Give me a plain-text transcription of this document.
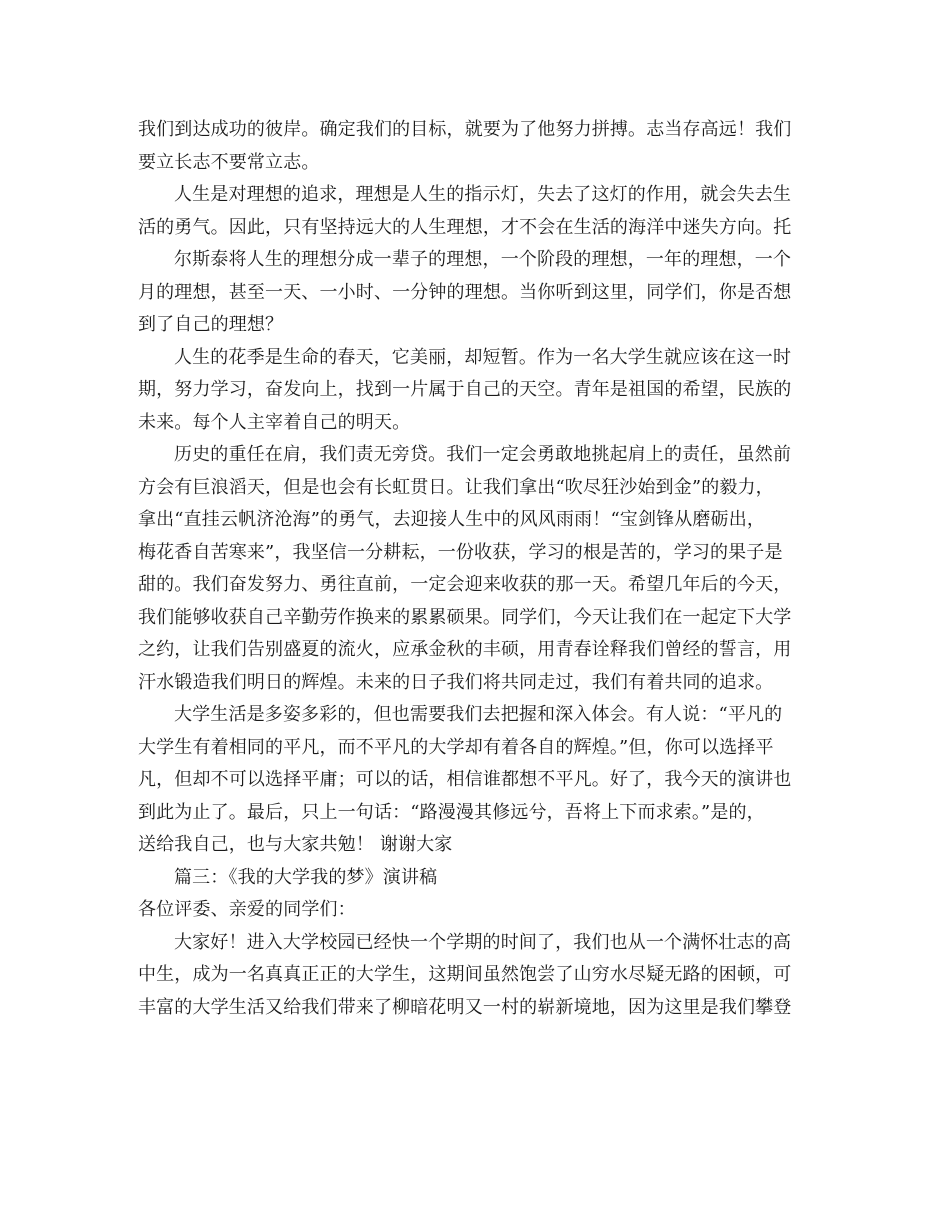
我们到达成功的彼岸。确定我们的目标，就要为了他努力拼搏。志当存高远！我们
要立长志不要常立志。
人生是对理想的追求，理想是人生的指示灯，失去了这灯的作用，就会失去生
活的勇气。因此，只有坚持远大的人生理想，才不会在生活的海洋中迷失方向。托
尔斯泰将人生的理想分成一辈子的理想，一个阶段的理想，一年的理想，一个
月的理想，甚至一天、一小时、一分钟的理想。当你听到这里，同学们，你是否想
到了自己的理想？
人生的花季是生命的春天，它美丽，却短暂。作为一名大学生就应该在这一时
期，努力学习，奋发向上，找到一片属于自己的天空。青年是祖国的希望，民族的
未来。每个人主宰着自己的明天。
历史的重任在肩，我们责无旁贷。我们一定会勇敢地挑起肩上的责任，虽然前
方会有巨浪滔天，但是也会有长虹贯日。让我们拿出“吹尽狂沙始到金”的毅力，
拿出“直挂云帆济沧海”的勇气，去迎接人生中的风风雨雨！“宝剑锋从磨砺出，
梅花香自苦寒来”，我坚信一分耕耘，一份收获，学习的根是苦的，学习的果子是
甜的。我们奋发努力、勇往直前，一定会迎来收获的那一天。希望几年后的今天，
我们能够收获自己辛勤劳作换来的累累硕果。同学们，今天让我们在一起定下大学
之约，让我们告别盛夏的流火，应承金秋的丰硕，用青春诠释我们曾经的誓言，用
汗水锻造我们明日的辉煌。未来的日子我们将共同走过，我们有着共同的追求。
大学生活是多姿多彩的，但也需要我们去把握和深入体会。有人说：“平凡的
大学生有着相同的平凡，而不平凡的大学却有着各自的辉煌。”但，你可以选择平
凡，但却不可以选择平庸；可以的话，相信谁都想不平凡。好了，我今天的演讲也
到此为止了。最后，只上一句话：“路漫漫其修远兮，吾将上下而求索。”是的，
送给我自己，也与大家共勉！ 谢谢大家
篇三：《我的大学我的梦》演讲稿
各位评委、亲爱的同学们：
大家好！进入大学校园已经快一个学期的时间了，我们也从一个满怀壮志的高
中生，成为一名真真正正的大学生，这期间虽然饱尝了山穷水尽疑无路的困顿，可
丰富的大学生活又给我们带来了柳暗花明又一村的崭新境地，因为这里是我们攀登
